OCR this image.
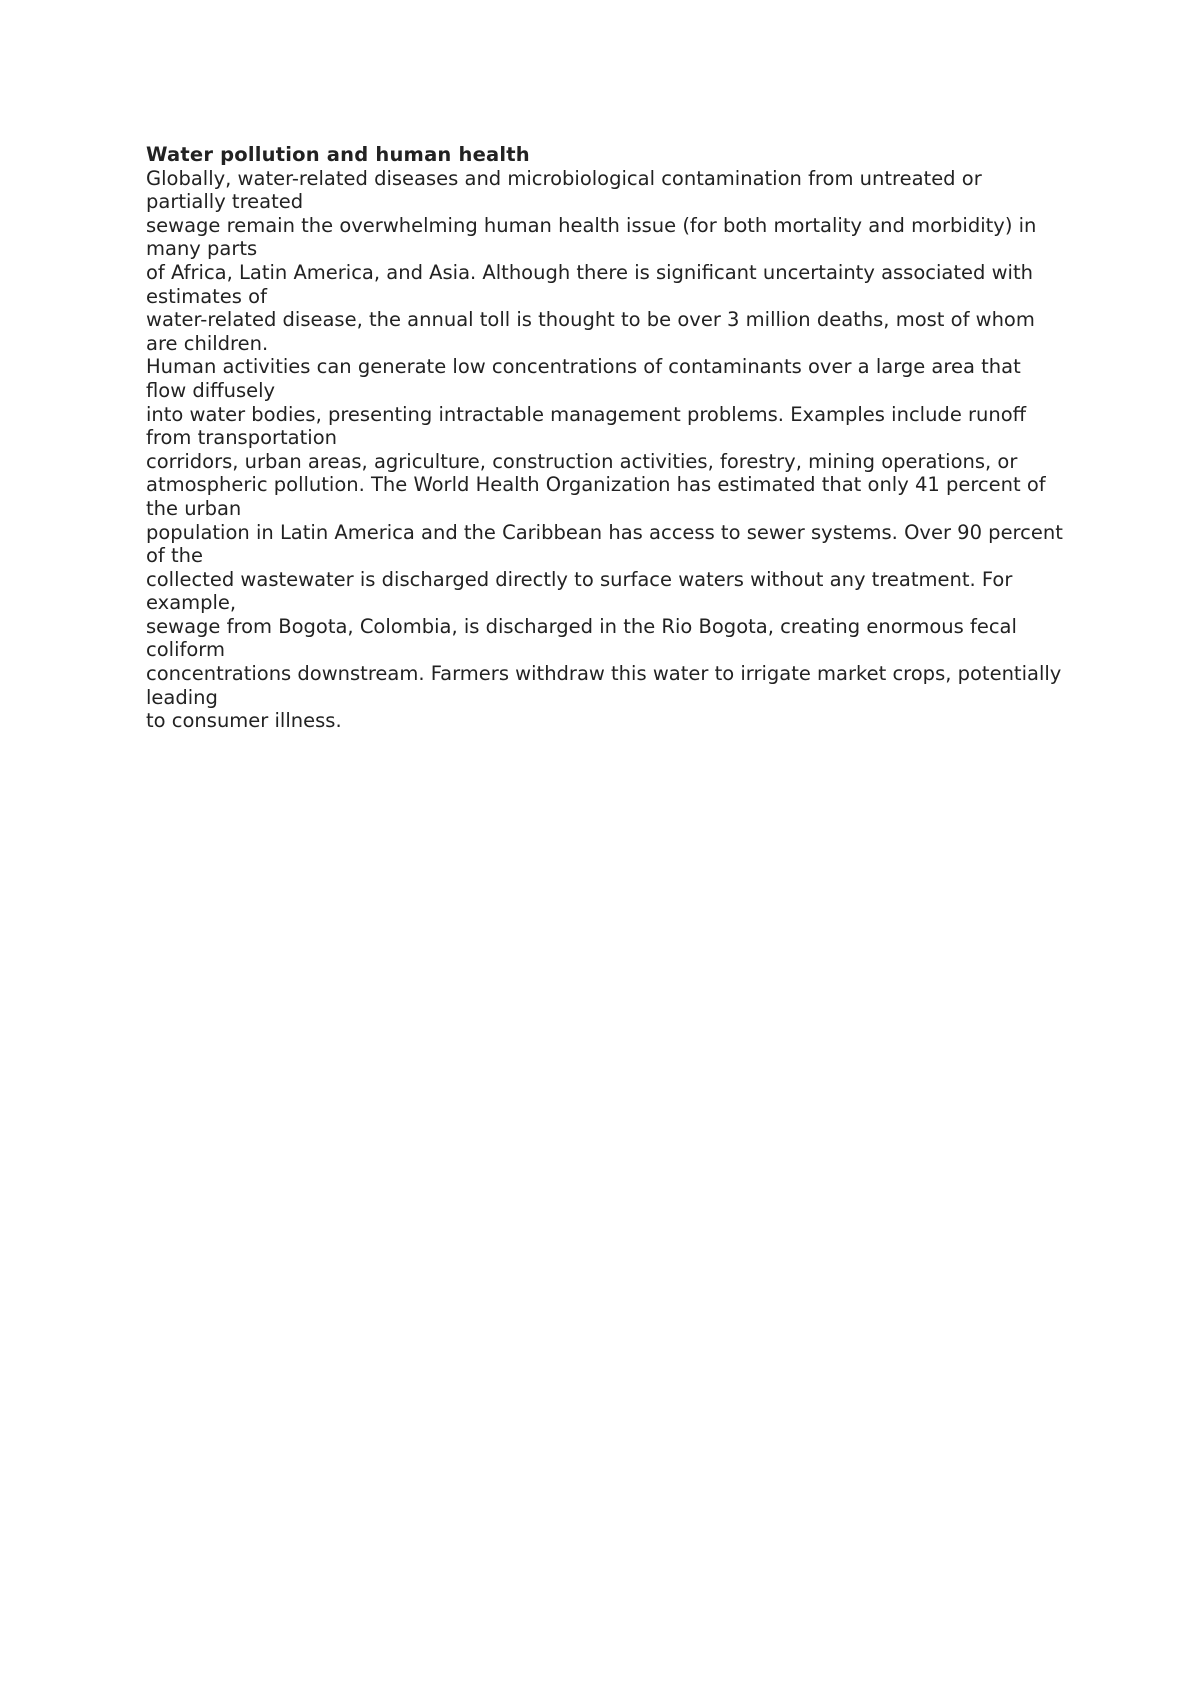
Water pollution and human health
Globally, water-related diseases and microbiological contamination from untreated or partially treated
sewage remain the overwhelming human health issue (for both mortality and morbidity) in many parts
of Africa, Latin America, and Asia. Although there is significant uncertainty associated with estimates of
water-related disease, the annual toll is thought to be over 3 million deaths, most of whom are children.
Human activities can generate low concentrations of contaminants over a large area that flow diffusely
into water bodies, presenting intractable management problems. Examples include runoff from transportation
corridors, urban areas, agriculture, construction activities, forestry, mining operations, or
atmospheric pollution. The World Health Organization has estimated that only 41 percent of the urban
population in Latin America and the Caribbean has access to sewer systems. Over 90 percent of the
collected wastewater is discharged directly to surface waters without any treatment. For example,
sewage from Bogota, Colombia, is discharged in the Rio Bogota, creating enormous fecal coliform
concentrations downstream. Farmers withdraw this water to irrigate market crops, potentially leading
to consumer illness.
